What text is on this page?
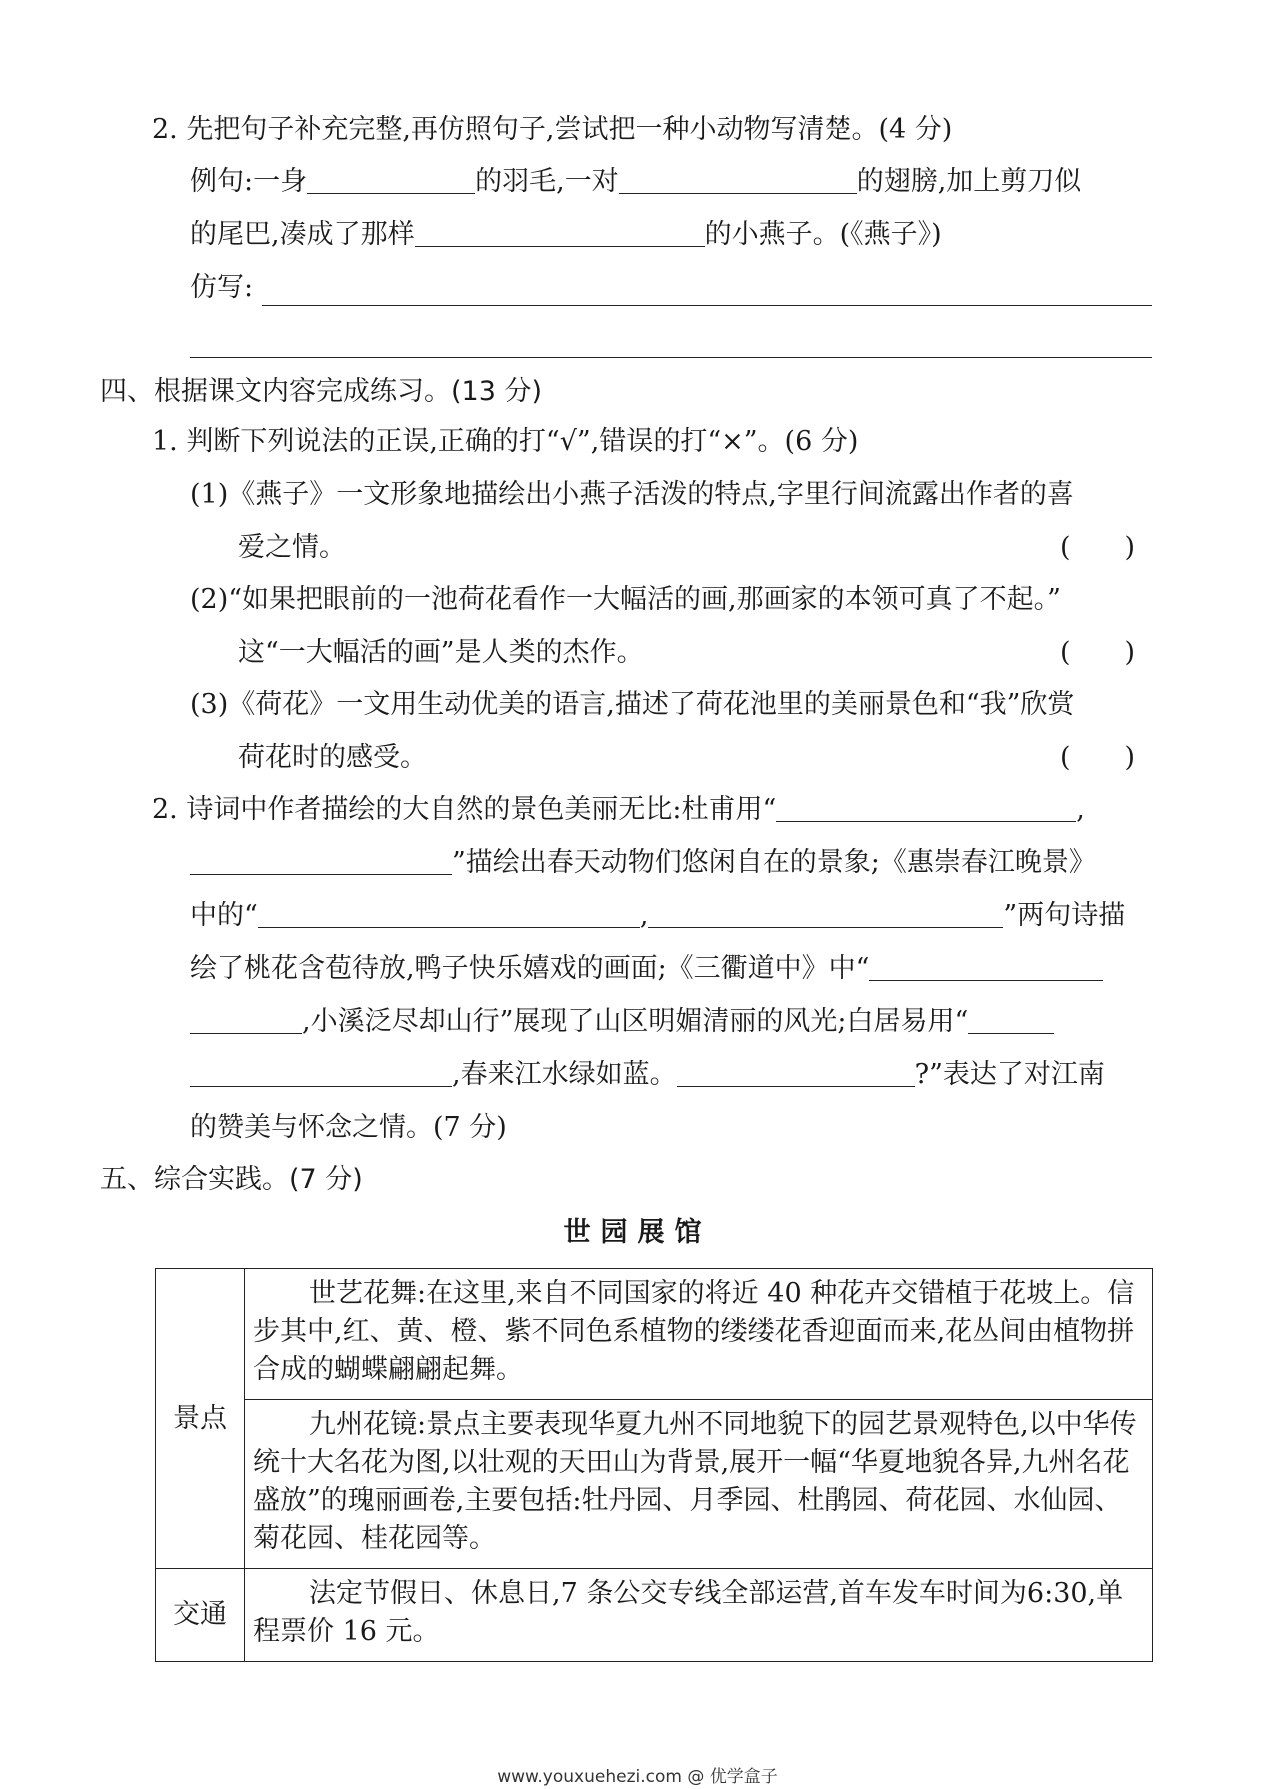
2. 先把句子补充完整,再仿照句子,尝试把一种小动物写清楚。(4 分)
例句:一身	的羽毛,一对	的翅膀,加上剪刀似
的尾巴,凑成了那样	的小燕子。(《燕子》)
仿写:
四、根据课文内容完成练习。(13 分)
1. 判断下列说法的正误,正确的打“√”,错误的打“×”。(6 分)
(1)《燕子》一文形象地描绘出小燕子活泼的特点,字里行间流露出作者的喜
爱之情。	(　　)
(2)“如果把眼前的一池荷花看作一大幅活的画,那画家的本领可真了不起。”
这“一大幅活的画”是人类的杰作。	(　　)
(3)《荷花》一文用生动优美的语言,描述了荷花池里的美丽景色和“我”欣赏
荷花时的感受。	(　　)
2. 诗词中作者描绘的大自然的景色美丽无比:杜甫用“	,
”描绘出春天动物们悠闲自在的景象;《惠崇春江晚景》
中的“	,	”两句诗描
绘了桃花含苞待放,鸭子快乐嬉戏的画面;《三衢道中》中“
,小溪泛尽却山行”展现了山区明媚清丽的风光;白居易用“
,春来江水绿如蓝。	?”表达了对江南
的赞美与怀念之情。(7 分)
五、综合实践。(7 分)
世园展馆
景点	世艺花舞:在这里,来自不同国家的将近 40 种花卉交错植于花坡上。信步其中,红、黄、橙、紫不同色系植物的缕缕花香迎面而来,花丛间由植物拼合成的蝴蝶翩翩起舞。
	九州花镜:景点主要表现华夏九州不同地貌下的园艺景观特色,以中华传统十大名花为图,以壮观的天田山为背景,展开一幅“华夏地貌各异,九州名花盛放”的瑰丽画卷,主要包括:牡丹园、月季园、杜鹃园、荷花园、水仙园、菊花园、桂花园等。
交通	法定节假日、休息日,7 条公交专线全部运营,首车发车时间为6:30,单程票价 16 元。
www.youxuehezi.com @ 优学盒子
